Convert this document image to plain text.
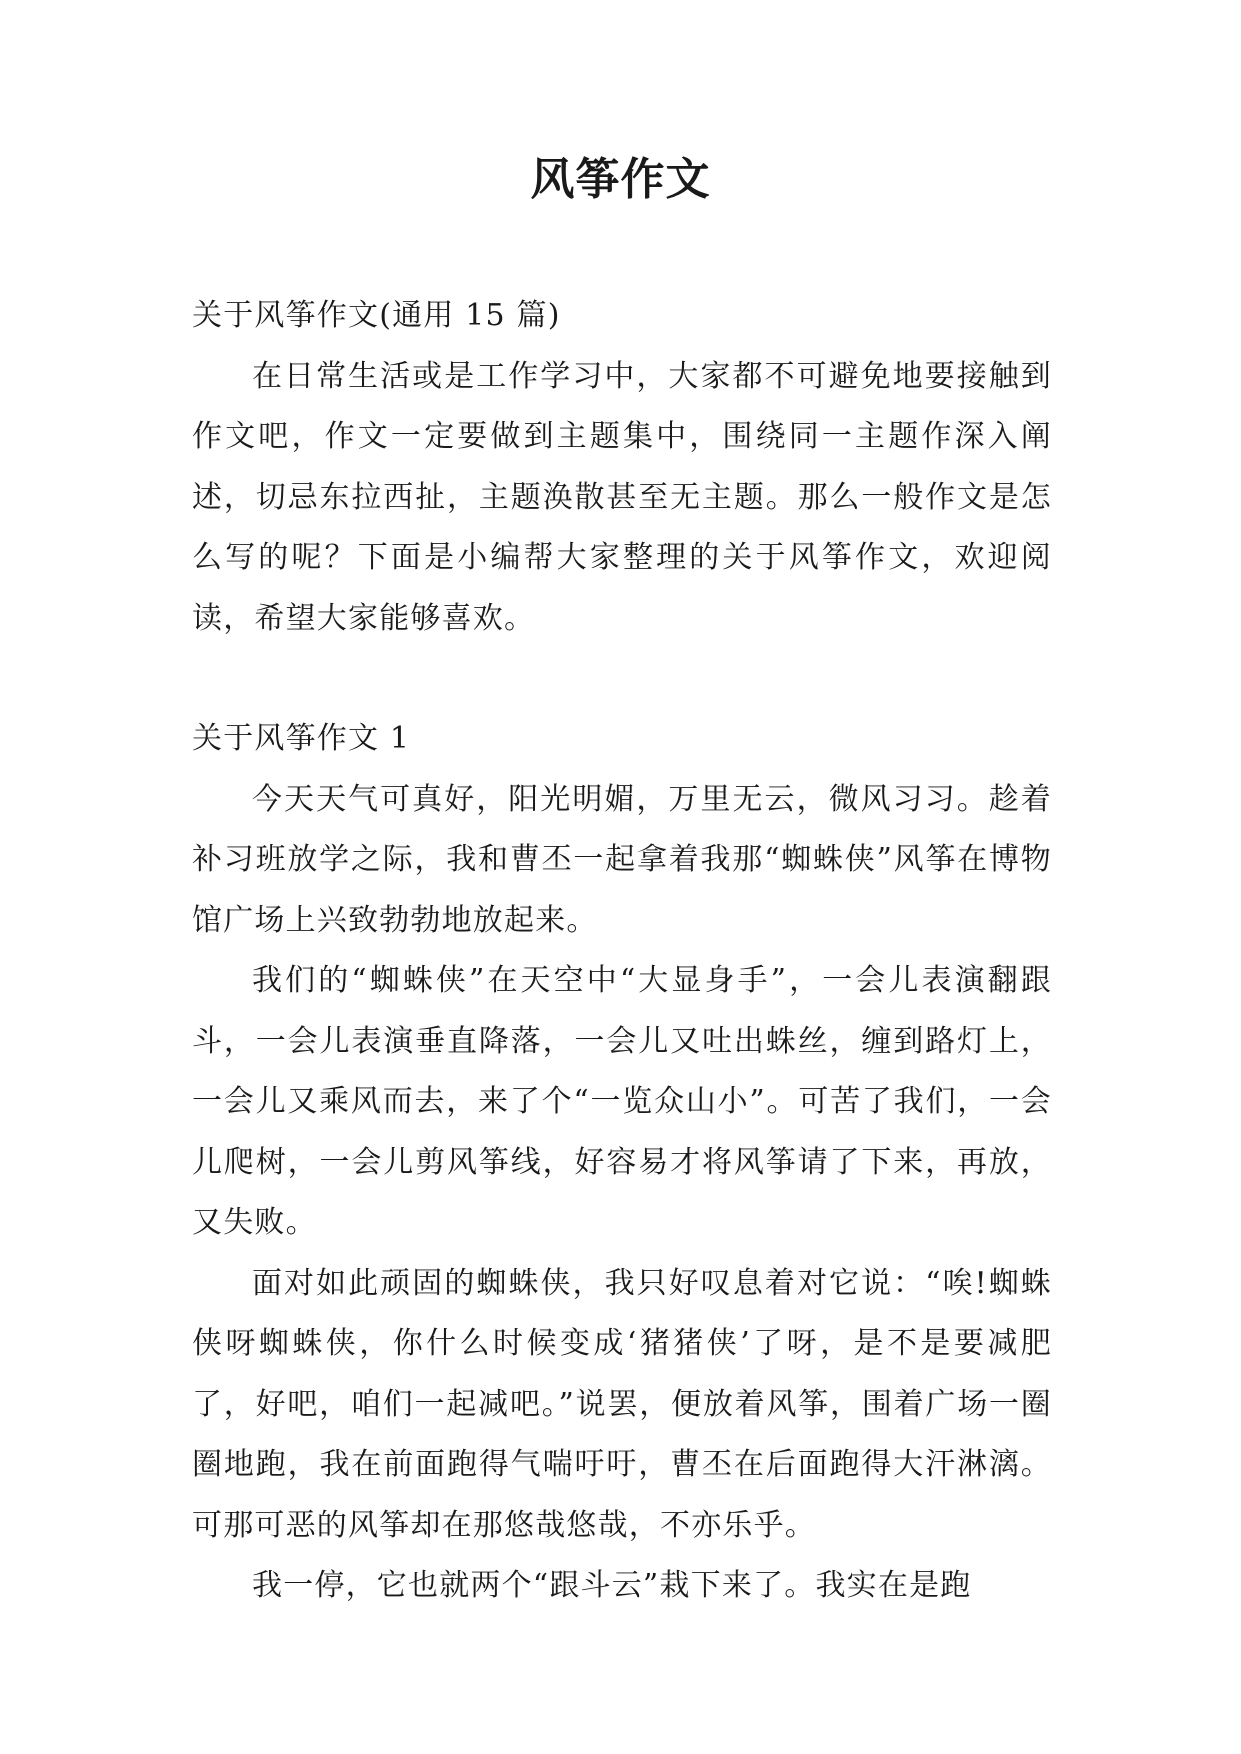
风筝作文

关于风筝作文(通用 15 篇)

在日常生活或是工作学习中，大家都不可避免地要接触到作文吧，作文一定要做到主题集中，围绕同一主题作深入阐述，切忌东拉西扯，主题涣散甚至无主题。那么一般作文是怎么写的呢？下面是小编帮大家整理的关于风筝作文，欢迎阅读，希望大家能够喜欢。

关于风筝作文 1

今天天气可真好，阳光明媚，万里无云，微风习习。趁着补习班放学之际，我和曹丕一起拿着我那“蜘蛛侠”风筝在博物馆广场上兴致勃勃地放起来。

我们的“蜘蛛侠”在天空中“大显身手”，一会儿表演翻跟斗，一会儿表演垂直降落，一会儿又吐出蛛丝，缠到路灯上，一会儿又乘风而去，来了个“一览众山小”。可苦了我们，一会儿爬树，一会儿剪风筝线，好容易才将风筝请了下来，再放，又失败。

面对如此顽固的蜘蛛侠，我只好叹息着对它说：“唉!蜘蛛侠呀蜘蛛侠，你什么时候变成‘猪猪侠’了呀，是不是要减肥了，好吧，咱们一起减吧。”说罢，便放着风筝，围着广场一圈圈地跑，我在前面跑得气喘吁吁，曹丕在后面跑得大汗淋漓。可那可恶的风筝却在那悠哉悠哉，不亦乐乎。

我一停，它也就两个“跟斗云”栽下来了。我实在是跑
